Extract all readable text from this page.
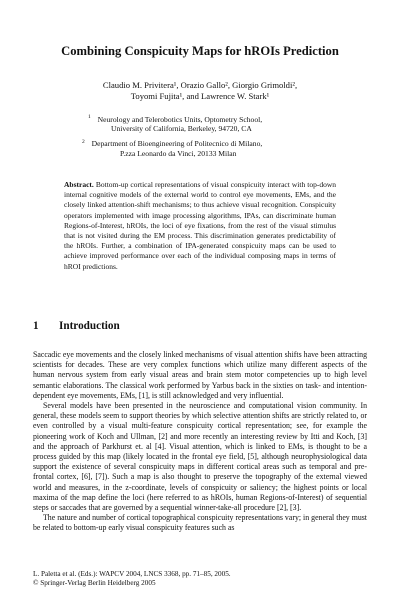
Combining Conspicuity Maps for hROIs Prediction
Claudio M. Privitera¹, Orazio Gallo², Giorgio Grimoldi²,
Toyomi Fujita¹, and Lawrence W. Stark¹
$^1$ Neurology and Telerobotics Units, Optometry School,
University of California, Berkeley, 94720, CA
$^2$ Department of Bioengineering of Politecnico di Milano,
P.zza Leonardo da Vinci, 20133 Milan
Abstract. Bottom-up cortical representations of visual conspicuity interact with top-down internal cognitive models of the external world to control eye movements, EMs, and the closely linked attention-shift mechanisms; to thus achieve visual recognition. Conspicuity operators implemented with image processing algorithms, IPAs, can discriminate human Regions-of-Interest, hROIs, the loci of eye fixations, from the rest of the visual stimulus that is not visited during the EM process. This discrimination generates predictability of the hROIs. Further, a combination of IPA-generated conspicuity maps can be used to achieve improved performance over each of the individual composing maps in terms of hROI predictions.
1 Introduction

Saccadic eye movements and the closely linked mechanisms of visual attention shifts have been attracting scientists for decades. These are very complex functions which utilize many different aspects of the human nervous system from early visual areas and brain stem motor competencies up to high level semantic elaborations. The classical work performed by Yarbus back in the sixties on task- and intention-dependent eye movements, EMs, [1], is still acknowledged and very influential.

Several models have been presented in the neuroscience and computational vision community. In general, these models seem to support theories by which selective attention shifts are strictly related to, or even controlled by a visual multi-feature conspicuity cortical representation; see, for example the pioneering work of Koch and Ullman, [2] and more recently an interesting review by Itti and Koch, [3] and the approach of Parkhurst et. al [4]. Visual attention, which is linked to EMs, is thought to be a process guided by this map (likely located in the frontal eye field, [5], although neurophysiological data support the existence of several conspicuity maps in different cortical areas such as temporal and pre-frontal cortex, [6], [7]). Such a map is also thought to preserve the topography of the external viewed world and measures, in the z-coordinate, levels of conspicuity or saliency; the highest points or local maxima of the map define the loci (here referred to as hROIs, human Regions-of-Interest) of sequential steps or saccades that are governed by a sequential winner-take-all procedure [2], [3].

The nature and number of cortical topographical conspicuity representations vary; in general they must be related to bottom-up early visual conspicuity features such as

L. Paletta et al. (Eds.): WAPCV 2004, LNCS 3368, pp. 71–85, 2005.
© Springer-Verlag Berlin Heidelberg 2005
